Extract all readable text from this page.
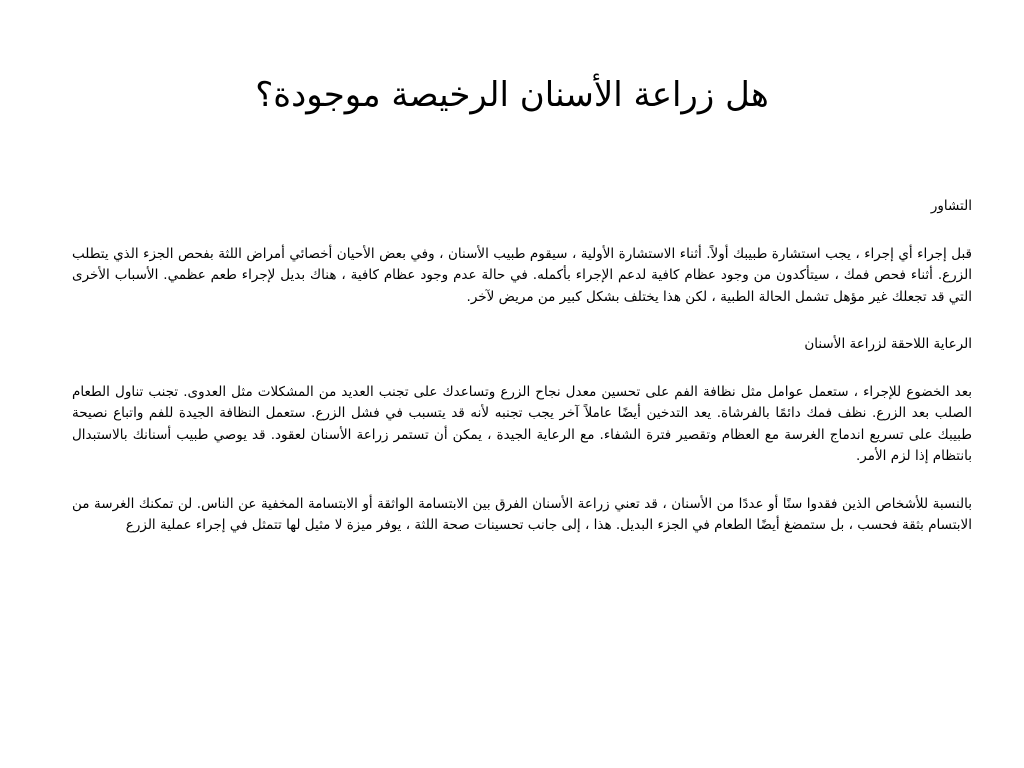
هل زراعة الأسنان الرخيصة موجودة؟

التشاور

قبل إجراء أي إجراء ، يجب استشارة طبيبك أولاً. أثناء الاستشارة الأولية ، سيقوم طبيب الأسنان ، وفي بعض الأحيان أخصائي أمراض اللثة بفحص الجزء الذي يتطلب الزرع. أثناء فحص فمك ، سيتأكدون من وجود عظام كافية لدعم الإجراء بأكمله. في حالة عدم وجود عظام كافية ، هناك بديل لإجراء طعم عظمي. الأسباب الأخرى التي قد تجعلك غير مؤهل تشمل الحالة الطبية ، لكن هذا يختلف بشكل كبير من مريض لآخر.

الرعاية اللاحقة لزراعة الأسنان

بعد الخضوع للإجراء ، ستعمل عوامل مثل نظافة الفم على تحسين معدل نجاح الزرع وتساعدك على تجنب العديد من المشكلات مثل العدوى. تجنب تناول الطعام الصلب بعد الزرع. نظف فمك دائمًا بالفرشاة. يعد التدخين أيضًا عاملاً آخر يجب تجنبه لأنه قد يتسبب في فشل الزرع. ستعمل النظافة الجيدة للفم واتباع نصيحة طبيبك على تسريع اندماج الغرسة مع العظام وتقصير فترة الشفاء. مع الرعاية الجيدة ، يمكن أن تستمر زراعة الأسنان لعقود. قد يوصي طبيب أسنانك بالاستبدال بانتظام إذا لزم الأمر.

بالنسبة للأشخاص الذين فقدوا سنًا أو عددًا من الأسنان ، قد تعني زراعة الأسنان الفرق بين الابتسامة الواثقة أو الابتسامة المخفية عن الناس. لن تمكنك الغرسة من الابتسام بثقة فحسب ، بل ستمضغ أيضًا الطعام في الجزء البديل. هذا ، إلى جانب تحسينات صحة اللثة ، يوفر ميزة لا مثيل لها تتمثل في إجراء عملية الزرع
